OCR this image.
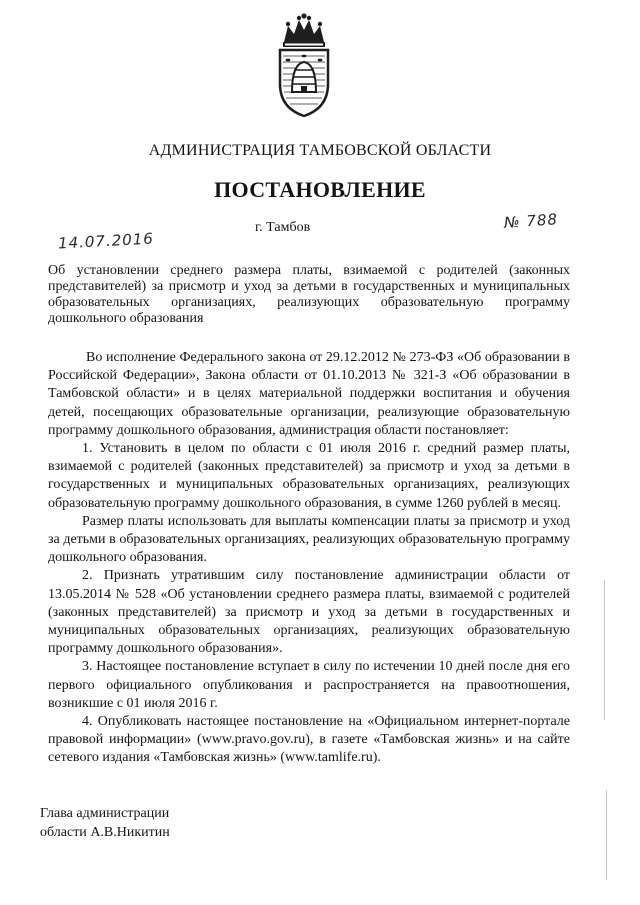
АДМИНИСТРАЦИЯ ТАМБОВСКОЙ ОБЛАСТИ
ПОСТАНОВЛЕНИЕ
14.07.2016
г. Тамбов	№ 788
Об установлении среднего размера платы, взимаемой с родителей (законных представителей) за присмотр и уход за детьми в государственных и муниципальных образовательных организациях, реализующих образовательную программу дошкольного образования

Во исполнение Федерального закона от 29.12.2012 № 273-ФЗ «Об образовании в Российской Федерации», Закона области от 01.10.2013 № 321-З «Об образовании в Тамбовской области» и в целях материальной поддержки воспитания и обучения детей, посещающих образовательные организации, реализующие образовательную программу дошкольного образования, администрация области постановляет:

1. Установить в целом по области с 01 июля 2016 г. средний размер платы, взимаемой с родителей (законных представителей) за присмотр и уход за детьми в государственных и муниципальных образовательных организациях, реализующих образовательную программу дошкольного образования, в сумме 1260 рублей в месяц.

Размер платы использовать для выплаты компенсации платы за присмотр и уход за детьми в образовательных организациях, реализующих образовательную программу дошкольного образования.

2. Признать утратившим силу постановление администрации области от 13.05.2014 № 528 «Об установлении среднего размера платы, взимаемой с родителей (законных представителей) за присмотр и уход за детьми в государственных и муниципальных образовательных организациях, реализующих образовательную программу дошкольного образования».

3. Настоящее постановление вступает в силу по истечении 10 дней после дня его первого официального опубликования и распространяется на правоотношения, возникшие с 01 июля 2016 г.

4. Опубликовать настоящее постановление на «Официальном интернет-портале правовой информации» (www.pravo.gov.ru), в газете «Тамбовская жизнь» и на сайте сетевого издания «Тамбовская жизнь» (www.tamlife.ru).

Глава администрации
области А.В.Никитин
